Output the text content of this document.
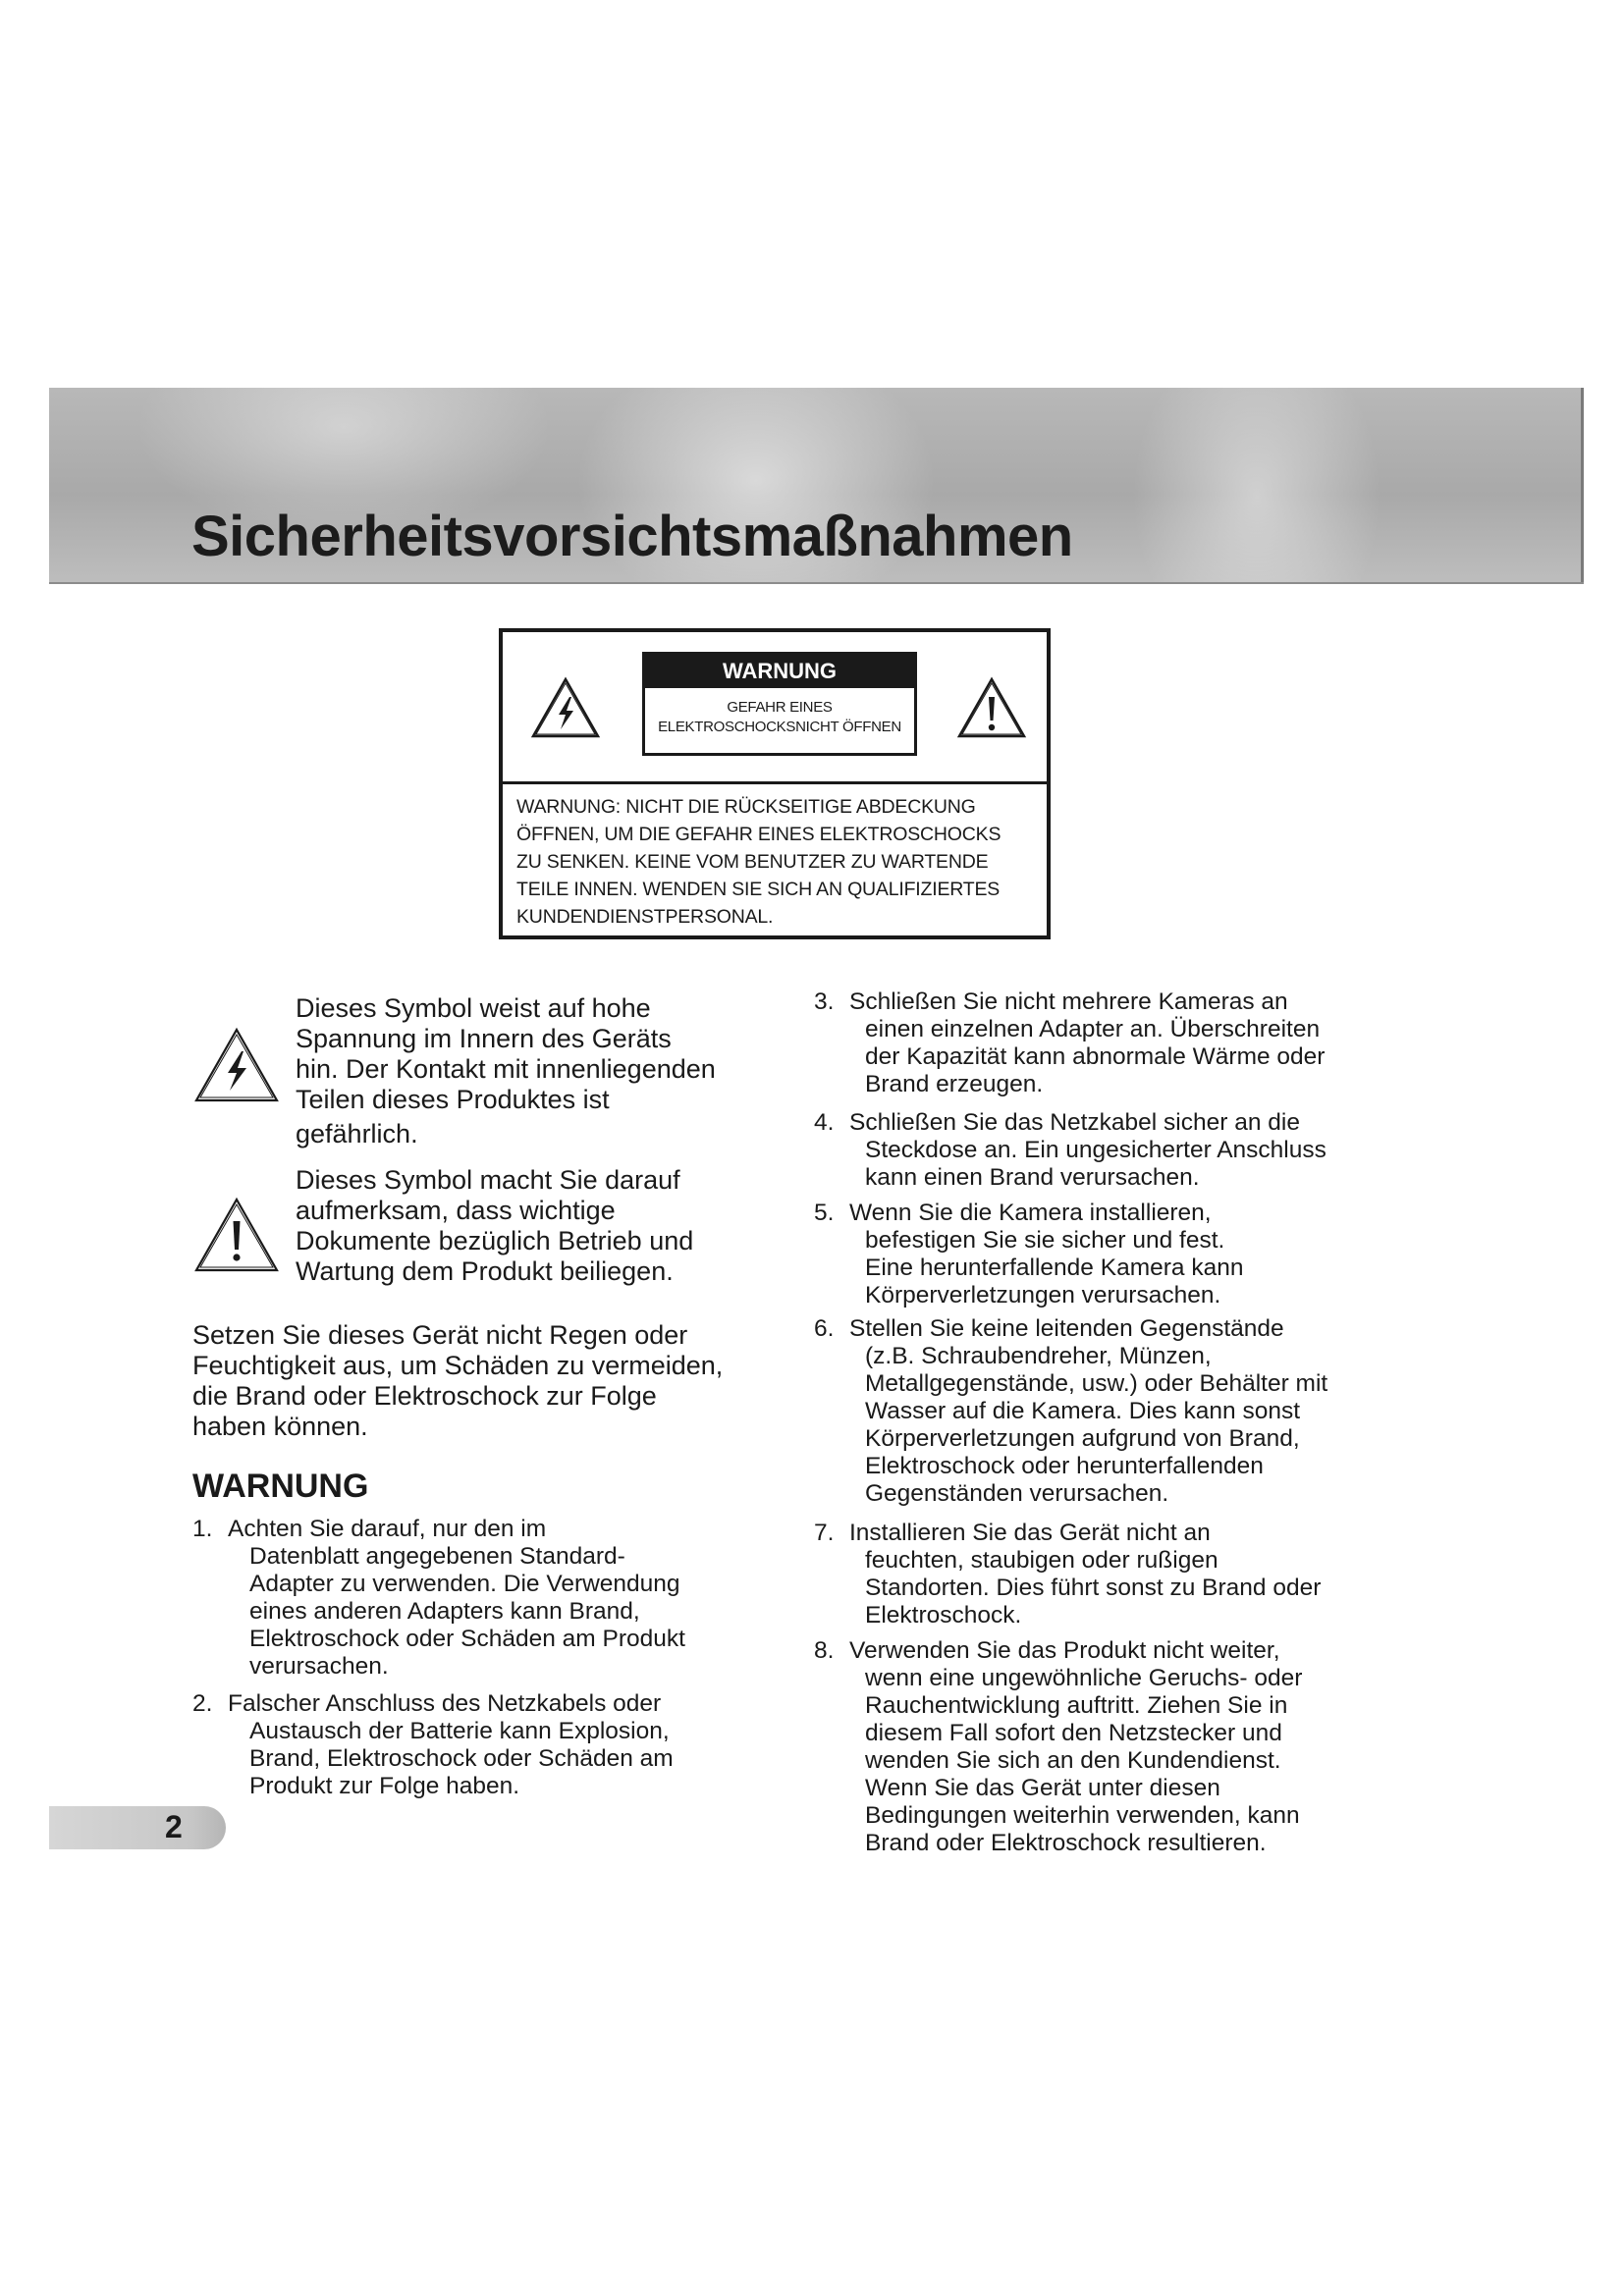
Sicherheitsvorsichtsmaßnahmen
WARNUNG
GEFAHR EINES
ELEKTROSCHOCKSNICHT ÖFFNEN

WARNUNG: NICHT DIE RÜCKSEITIGE ABDECKUNG
ÖFFNEN, UM DIE GEFAHR EINES ELEKTROSCHOCKS
ZU SENKEN. KEINE VOM BENUTZER ZU WARTENDE
TEILE INNEN. WENDEN SIE SICH AN QUALIFIZIERTES
KUNDENDIENSTPERSONAL.

Dieses Symbol weist auf hohe
Spannung im Innern des Geräts
hin. Der Kontakt mit innenliegenden
Teilen dieses Produktes ist
gefährlich.

Dieses Symbol macht Sie darauf
aufmerksam, dass wichtige
Dokumente bezüglich Betrieb und
Wartung dem Produkt beiliegen.

Setzen Sie dieses Gerät nicht Regen oder
Feuchtigkeit aus, um Schäden zu vermeiden,
die Brand oder Elektroschock zur Folge
haben können.

WARNUNG
1. Achten Sie darauf, nur den im
Datenblatt angegebenen Standard-
Adapter zu verwenden. Die Verwendung
eines anderen Adapters kann Brand,
Elektroschock oder Schäden am Produkt
verursachen.
2. Falscher Anschluss des Netzkabels oder
Austausch der Batterie kann Explosion,
Brand, Elektroschock oder Schäden am
Produkt zur Folge haben.
3. Schließen Sie nicht mehrere Kameras an
einen einzelnen Adapter an. Überschreiten
der Kapazität kann abnormale Wärme oder
Brand erzeugen.
4. Schließen Sie das Netzkabel sicher an die
Steckdose an. Ein ungesicherter Anschluss
kann einen Brand verursachen.
5. Wenn Sie die Kamera installieren,
befestigen Sie sie sicher und fest.
Eine herunterfallende Kamera kann
Körperverletzungen verursachen.
6. Stellen Sie keine leitenden Gegenstände
(z.B. Schraubendreher, Münzen,
Metallgegenstände, usw.) oder Behälter mit
Wasser auf die Kamera. Dies kann sonst
Körperverletzungen aufgrund von Brand,
Elektroschock oder herunterfallenden
Gegenständen verursachen.
7. Installieren Sie das Gerät nicht an
feuchten, staubigen oder rußigen
Standorten. Dies führt sonst zu Brand oder
Elektroschock.
8. Verwenden Sie das Produkt nicht weiter,
wenn eine ungewöhnliche Geruchs- oder
Rauchentwicklung auftritt. Ziehen Sie in
diesem Fall sofort den Netzstecker und
wenden Sie sich an den Kundendienst.
Wenn Sie das Gerät unter diesen
Bedingungen weiterhin verwenden, kann
Brand oder Elektroschock resultieren.

2
